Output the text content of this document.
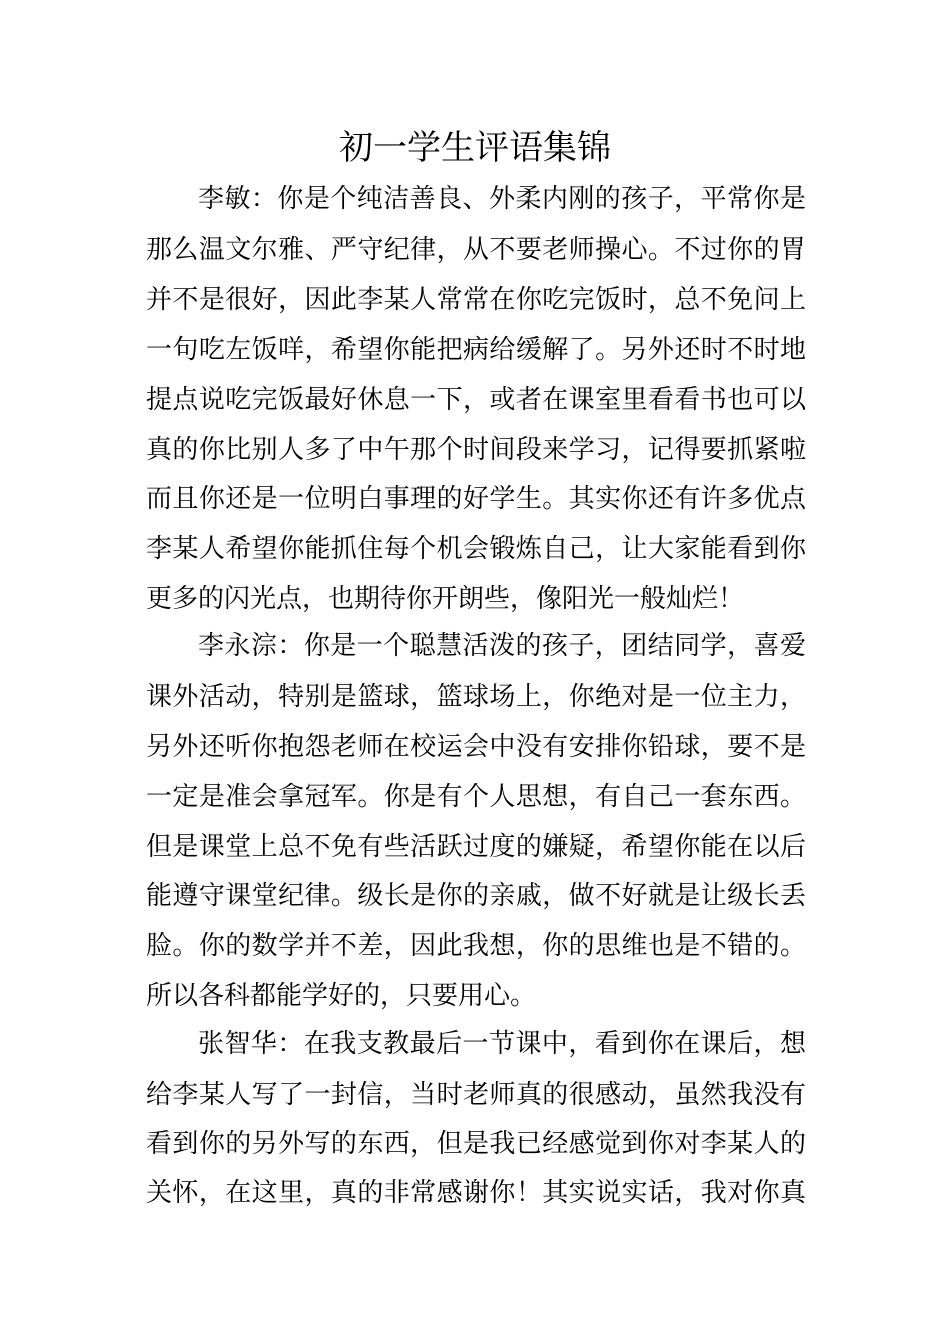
初一学生评语集锦
李敏：你是个纯洁善良、外柔内刚的孩子，平常你是
那么温文尔雅、严守纪律，从不要老师操心。不过你的胃
并不是很好，因此李某人常常在你吃完饭时，总不免问上
一句吃左饭咩，希望你能把病给缓解了。另外还时不时地
提点说吃完饭最好休息一下，或者在课室里看看书也可以
真的你比别人多了中午那个时间段来学习，记得要抓紧啦
而且你还是一位明白事理的好学生。其实你还有许多优点
李某人希望你能抓住每个机会锻炼自己，让大家能看到你
更多的闪光点，也期待你开朗些，像阳光一般灿烂！
李永淙：你是一个聪慧活泼的孩子，团结同学，喜爱
课外活动，特别是篮球，篮球场上，你绝对是一位主力，
另外还听你抱怨老师在校运会中没有安排你铅球，要不是
一定是准会拿冠军。你是有个人思想，有自己一套东西。
但是课堂上总不免有些活跃过度的嫌疑，希望你能在以后
能遵守课堂纪律。级长是你的亲戚，做不好就是让级长丢
脸。你的数学并不差，因此我想，你的思维也是不错的。
所以各科都能学好的，只要用心。
张智华：在我支教最后一节课中，看到你在课后，想
给李某人写了一封信，当时老师真的很感动，虽然我没有
看到你的另外写的东西，但是我已经感觉到你对李某人的
关怀，在这里，真的非常感谢你！其实说实话，我对你真
